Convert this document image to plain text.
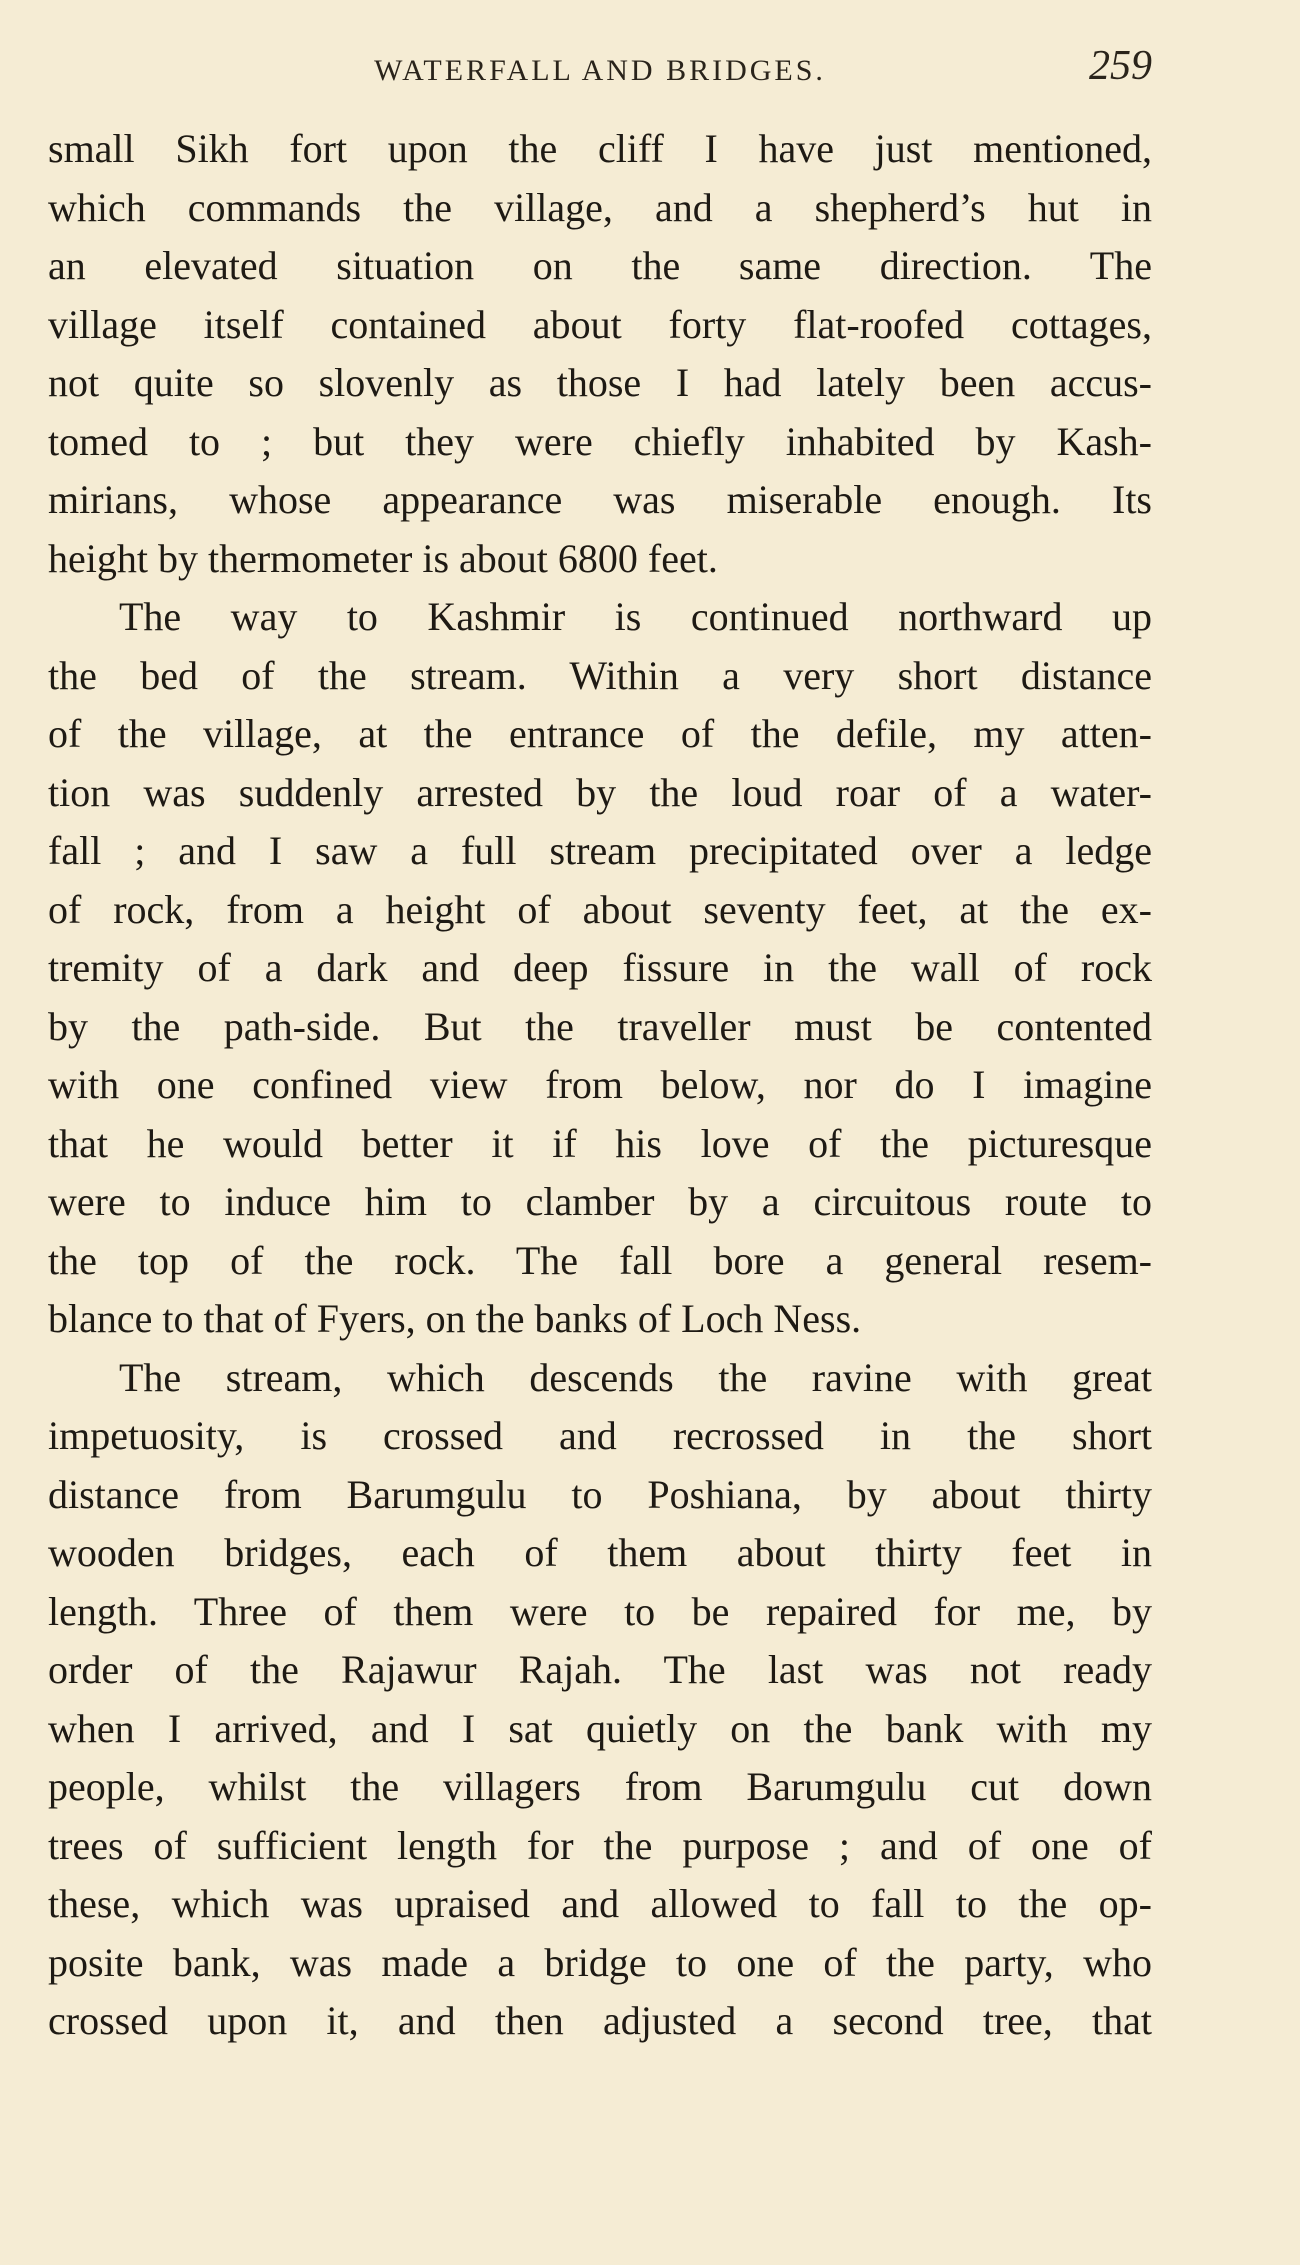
WATERFALL AND BRIDGES.	259
small Sikh fort upon the cliff I have just mentioned,
which commands the village, and a shepherd’s hut in
an elevated situation on the same direction. The
village itself contained about forty flat-roofed cottages,
not quite so slovenly as those I had lately been accus-
tomed to ; but they were chiefly inhabited by Kash-
mirians, whose appearance was miserable enough. Its
height by thermometer is about 6800 feet.
The way to Kashmir is continued northward up
the bed of the stream. Within a very short distance
of the village, at the entrance of the defile, my atten-
tion was suddenly arrested by the loud roar of a water-
fall ; and I saw a full stream precipitated over a ledge
of rock, from a height of about seventy feet, at the ex-
tremity of a dark and deep fissure in the wall of rock
by the path-side. But the traveller must be contented
with one confined view from below, nor do I imagine
that he would better it if his love of the picturesque
were to induce him to clamber by a circuitous route to
the top of the rock. The fall bore a general resem-
blance to that of Fyers, on the banks of Loch Ness.
The stream, which descends the ravine with great
impetuosity, is crossed and recrossed in the short
distance from Barumgulu to Poshiana, by about thirty
wooden bridges, each of them about thirty feet in
length. Three of them were to be repaired for me, by
order of the Rajawur Rajah. The last was not ready
when I arrived, and I sat quietly on the bank with my
people, whilst the villagers from Barumgulu cut down
trees of sufficient length for the purpose ; and of one of
these, which was upraised and allowed to fall to the op-
posite bank, was made a bridge to one of the party, who
crossed upon it, and then adjusted a second tree, that
